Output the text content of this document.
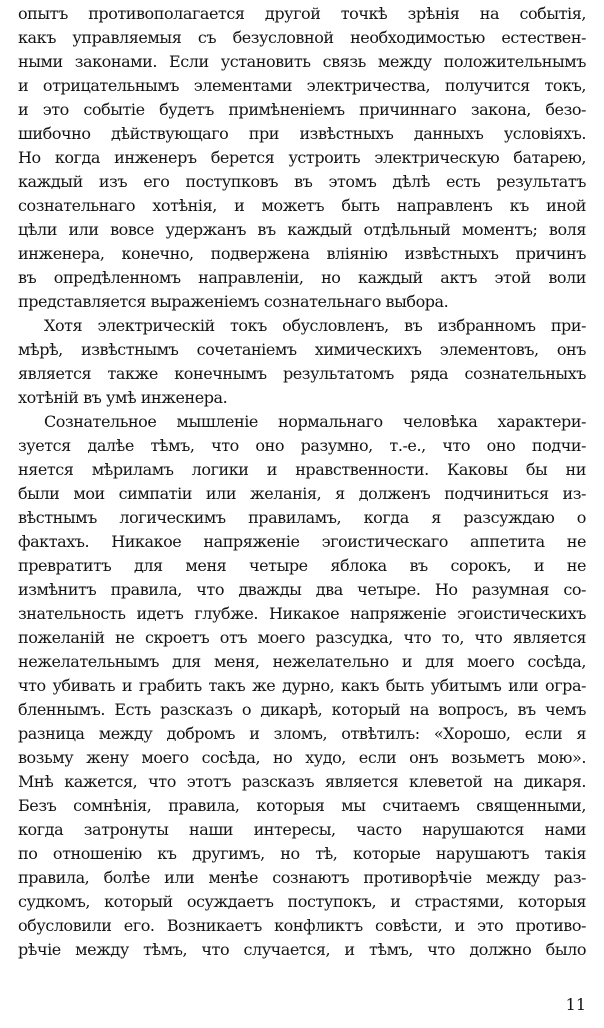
опытъ противополагается другой точкѣ зрѣнія на событія,
какъ управляемыя съ безусловной необходимостью естествен-
ными законами. Если установить связь между положительнымъ
и отрицательнымъ элементами электричества, получится токъ,
и это событіе будетъ примѣненіемъ причиннаго закона, безо-
шибочно дѣйствующаго при извѣстныхъ данныхъ условіяхъ.
Но когда инженеръ берется устроить электрическую батарею,
каждый изъ его поступковъ въ этомъ дѣлѣ есть результатъ
сознательнаго хотѣнія, и можетъ быть направленъ къ иной
цѣли или вовсе удержанъ въ каждый отдѣльный моментъ; воля
инженера, конечно, подвержена вліянію извѣстныхъ причинъ
въ опредѣленномъ направленіи, но каждый актъ этой воли
представляется выраженіемъ сознательнаго выбора.
Хотя электрическій токъ обусловленъ, въ избранномъ при-
мѣрѣ, извѣстнымъ сочетаніемъ химическихъ элементовъ, онъ
является также конечнымъ результатомъ ряда сознательныхъ
хотѣній въ умѣ инженера.
Сознательное мышленіе нормальнаго человѣка характери-
зуется далѣе тѣмъ, что оно разумно, т.-е., что оно подчи-
няется мѣриламъ логики и нравственности. Каковы бы ни
были мои симпатіи или желанія, я долженъ подчиниться из-
вѣстнымъ логическимъ правиламъ, когда я разсуждаю о
фактахъ. Никакое напряженіе эгоистическаго аппетита не
превратитъ для меня четыре яблока въ сорокъ, и не
измѣнитъ правила, что дважды два четыре. Но разумная со-
знательность идетъ глубже. Никакое напряженіе эгоистическихъ
пожеланій не скроетъ отъ моего разсудка, что то, что является
нежелательнымъ для меня, нежелательно и для моего сосѣда,
что убивать и грабить такъ же дурно, какъ быть убитымъ или огра-
бленнымъ. Есть разсказъ о дикарѣ, который на вопросъ, въ чемъ
разница между добромъ и зломъ, отвѣтилъ: «Хорошо, если я
возьму жену моего сосѣда, но худо, если онъ возьметъ мою».
Мнѣ кажется, что этотъ разсказъ является клеветой на дикаря.
Безъ сомнѣнія, правила, которыя мы считаемъ священными,
когда затронуты наши интересы, часто нарушаются нами
по отношенію къ другимъ, но тѣ, которые нарушаютъ такія
правила, болѣе или менѣе сознаютъ противорѣчіе между раз-
судкомъ, который осуждаетъ поступокъ, и страстями, которыя
обусловили его. Возникаетъ конфликтъ совѣсти, и это противо-
рѣчіе между тѣмъ, что случается, и тѣмъ, что должно было
11
